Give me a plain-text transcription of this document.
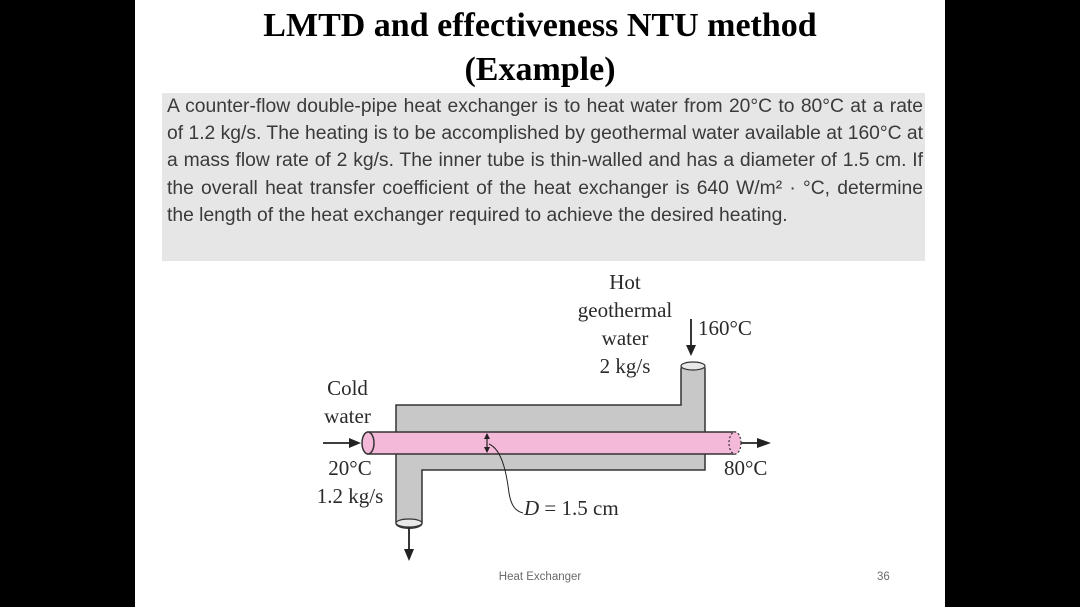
LMTD and effectiveness NTU method
(Example)
A counter-flow double-pipe heat exchanger is to heat water from 20°C to 80°C at a rate of 1.2 kg/s. The heating is to be accomplished by geothermal water available at 160°C at a mass flow rate of 2 kg/s. The inner tube is thin-walled and has a diameter of 1.5 cm. If the overall heat transfer coefficient of the heat exchanger is 640 W/m² · °C, determine the length of the heat exchanger required to achieve the desired heating.
Hot
geothermal
water
2 kg/s
160°C
Cold
water
20°C
1.2 kg/s
80°C
D = 1.5 cm
Heat Exchanger	36
